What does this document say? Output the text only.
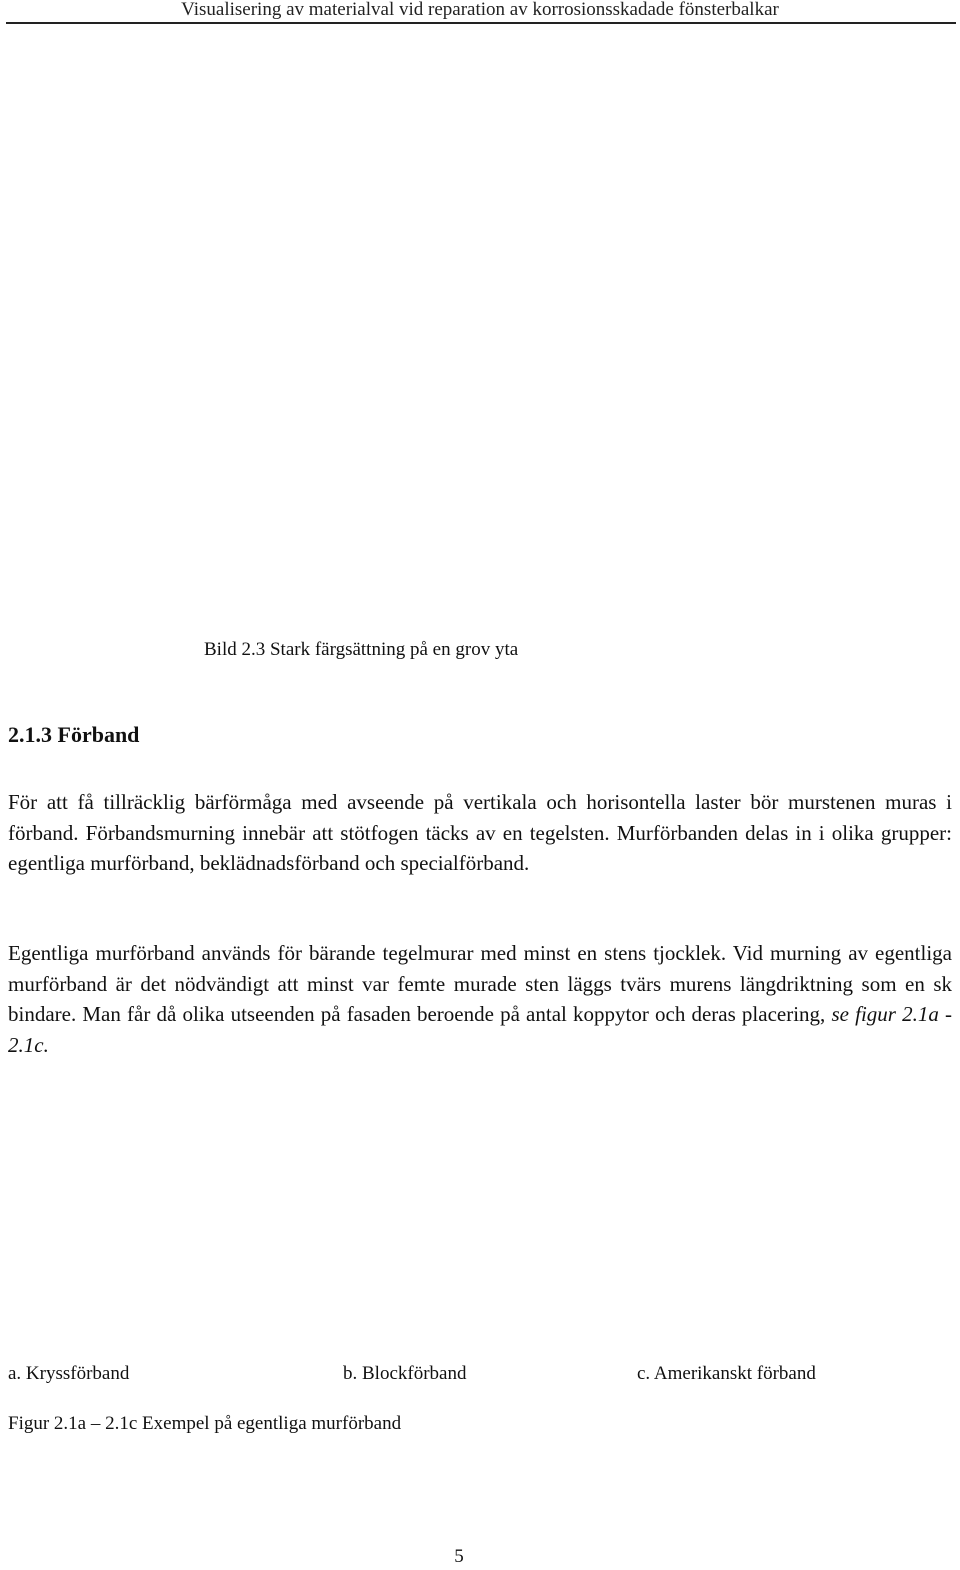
Visualisering av materialval vid reparation av korrosionsskadade fönsterbalkar
Bild 2.3 Stark färgsättning på en grov yta
2.1.3 Förband

För att få tillräcklig bärförmåga med avseende på vertikala och horisontella laster bör murstenen muras i förband. Förbandsmurning innebär att stötfogen täcks av en tegelsten. Murförbanden delas in i olika grupper: egentliga murförband, beklädnadsförband och specialförband.

Egentliga murförband används för bärande tegelmurar med minst en stens tjocklek. Vid murning av egentliga murförband är det nödvändigt att minst var femte murade sten läggs tvärs murens längdriktning som en sk bindare. Man får då olika utseenden på fasaden beroende på antal koppytor och deras placering, se figur 2.1a - 2.1c.

a. Kryssförband	b. Blockförband	c. Amerikanskt förband
Figur 2.1a – 2.1c Exempel på egentliga murförband
5
